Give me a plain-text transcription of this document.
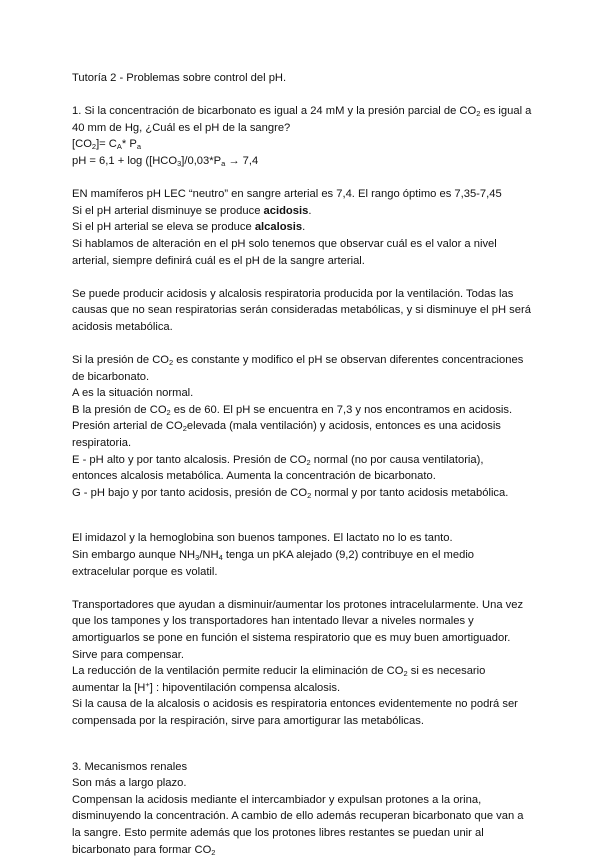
Tutoría 2 - Problemas sobre control del pH.
1. Si la concentración de bicarbonato es igual a 24 mM y la presión parcial de $CO_2$ es igual a
40 mm de Hg, ¿Cuál es el pH de la sangre?
$[CO_2]= C_A*$ $P_a$
pH = $6,1 + \log ([HCO_3]/0,03*P_a \to 7,4$
EN mamíferos pH LEC “neutro” en sangre arterial es 7,4. El rango óptimo es 7,35-7,45
Si el pH arterial disminuye se produce acidosis.
Si el pH arterial se eleva se produce alcalosis.
Si hablamos de alteración en el pH solo tenemos que observar cuál es el valor a nivel
arterial, siempre definirá cuál es el pH de la sangre arterial.
Se puede producir acidosis y alcalosis respiratoria producida por la ventilación. Todas las
causas que no sean respiratorias serán consideradas metabólicas, y si disminuye el pH será
acidosis metabólica.
Si la presión de $CO_2$ es constante y modifico el pH se observan diferentes concentraciones
de bicarbonato.
A es la situación normal.
B la presión de $CO_2$ es de 60. El pH se encuentra en 7,3 y nos encontramos en acidosis.
Presión arterial de $CO_2elevada$ (mala ventilación) y acidosis, entonces es una acidosis
respiratoria.
E - pH alto y por tanto alcalosis. Presión de $CO_2$ normal (no por causa ventilatoria),
entonces alcalosis metabólica. Aumenta la concentración de bicarbonato.
G - pH bajo y por tanto acidosis, presión de $CO_2$ normal y por tanto acidosis metabólica.
El imidazol y la hemoglobina son buenos tampones. El lactato no lo es tanto.
Sin embargo aunque $NH_3/NH_4$ tenga un pKA alejado (9,2) contribuye en el medio
extracelular porque es volatil.
Transportadores que ayudan a disminuir/aumentar los protones intracelularmente. Una vez
que los tampones y los transportadores han intentado llevar a niveles normales y
amortiguarlos se pone en función el sistema respiratorio que es muy buen amortiguador.
Sirve para compensar.
La reducción de la ventilación permite reducir la eliminación de $CO_2$ si es necesario
aumentar la [H+] : hipoventilación compensa alcalosis.
Si la causa de la alcalosis o acidosis es respiratoria entonces evidentemente no podrá ser
compensada por la respiración, sirve para amortigurar las metabólicas.
3. Mecanismos renales
Son más a largo plazo.
Compensan la acidosis mediante el intercambiador y expulsan protones a la orina,
disminuyendo la concentración. A cambio de ello además recuperan bicarbonato que van a
la sangre. Esto permite además que los protones libres restantes se puedan unir al
bicarbonato para formar $CO_2$
